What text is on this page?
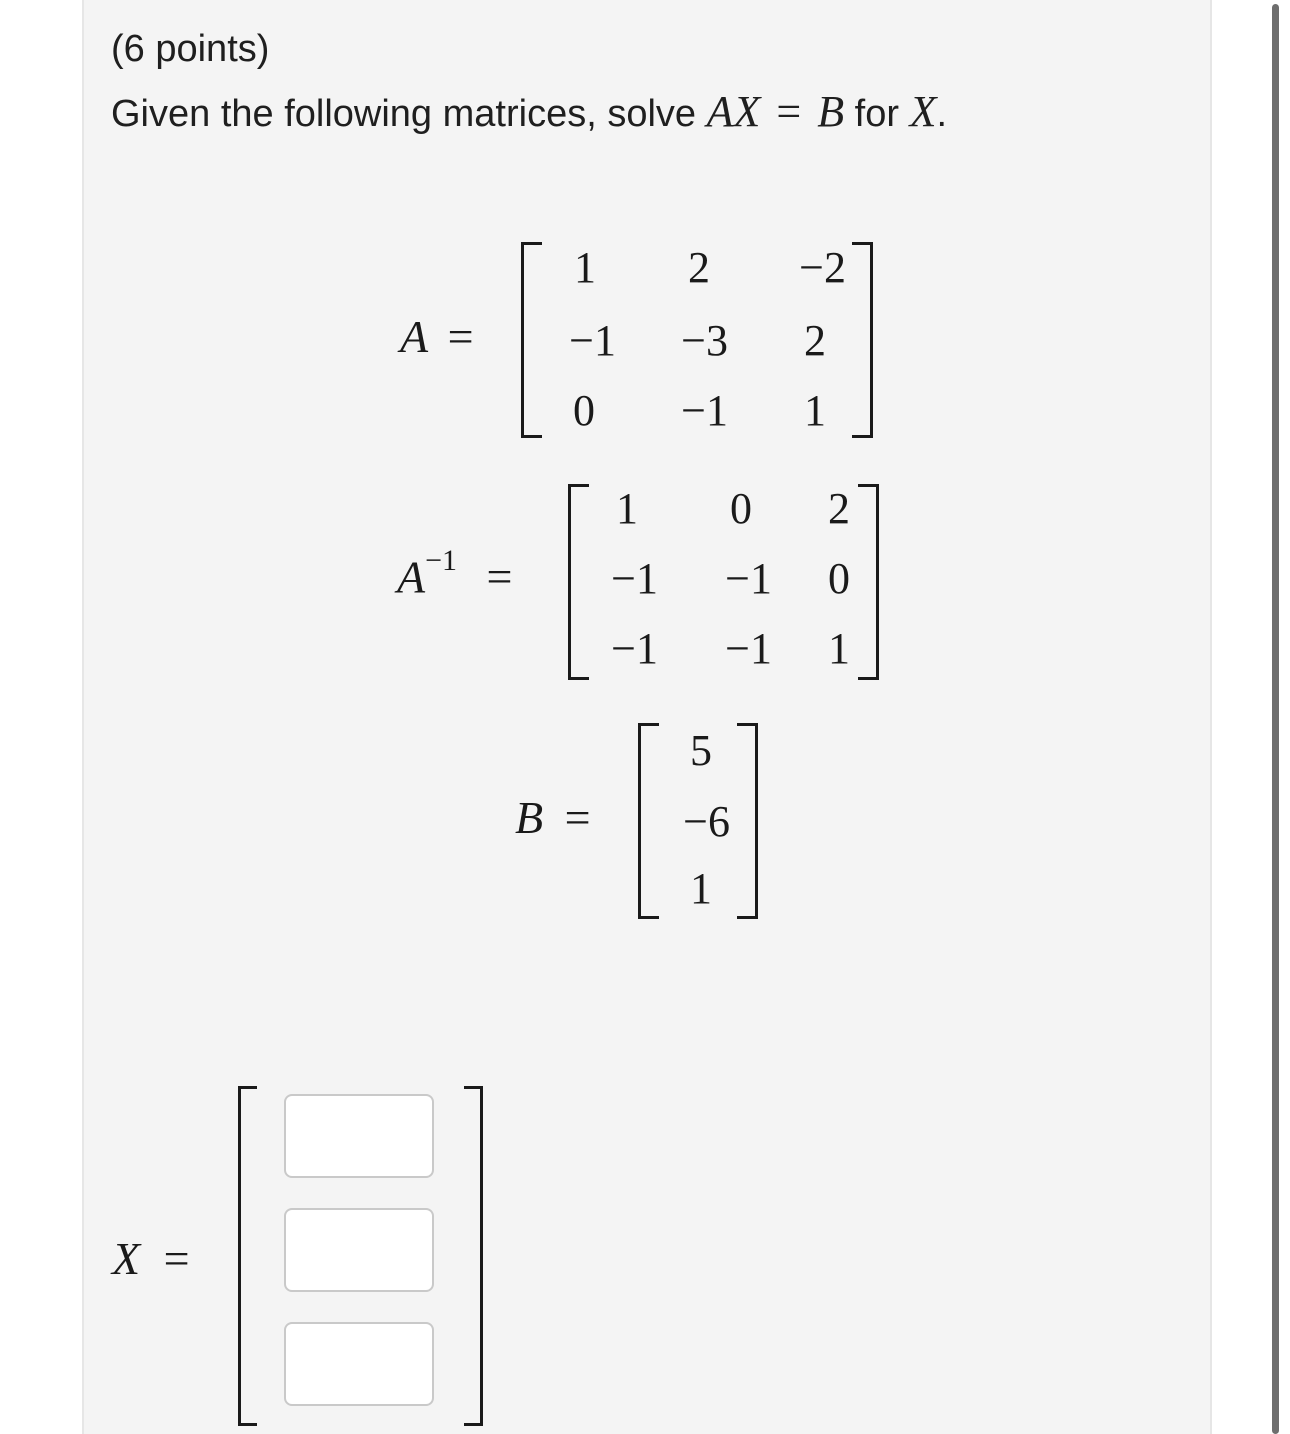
(6 points)
Given the following matrices, solve AX = B for X.
A =
1	2	−2
−1	−3	2
0	−1	1
$A^{-1}$ =
1	0	2
−1	−1	0
−1	−1	1
B =
5
−6
1
X =
